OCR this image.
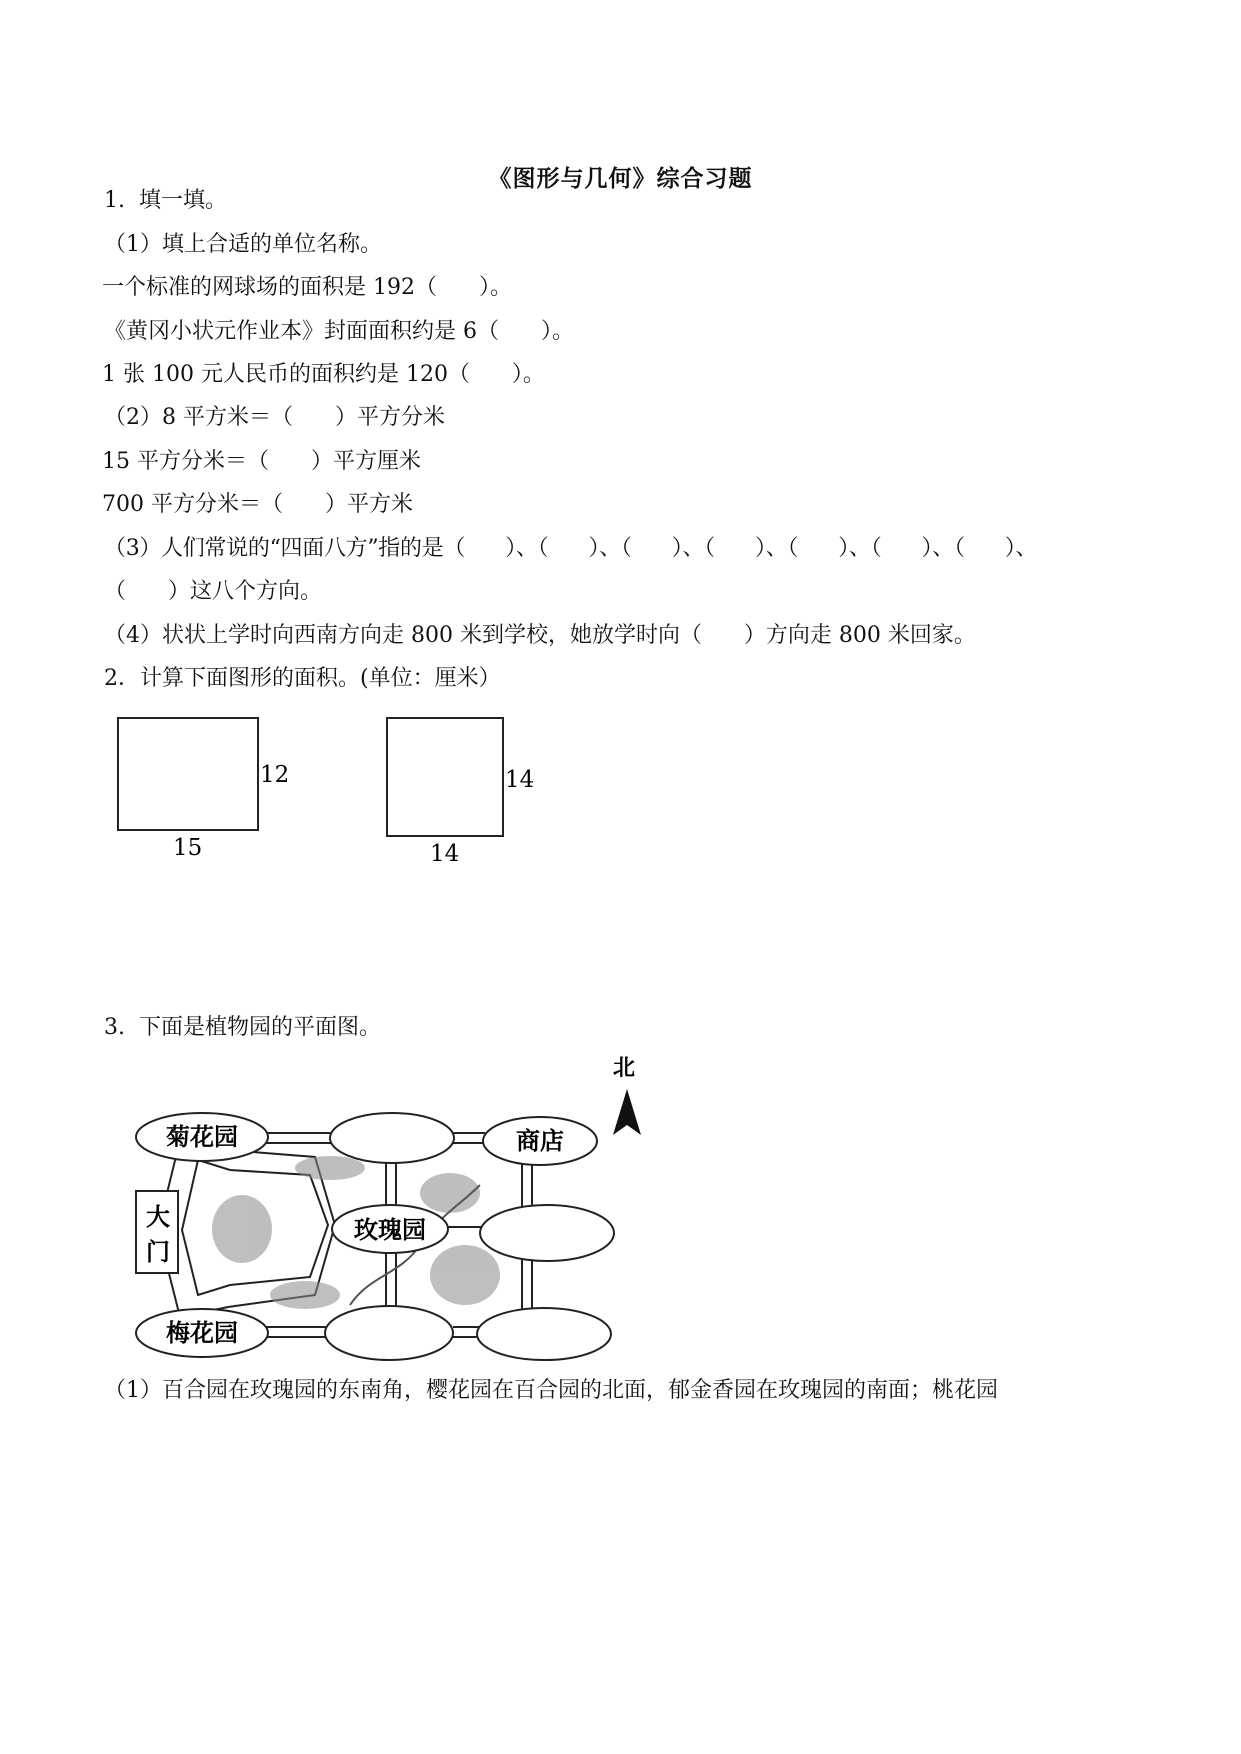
《图形与几何》综合习题
1.  填一填。
（1）填上合适的单位名称。
一个标准的网球场的面积是 192（      ）。
《黄冈小状元作业本》封面面积约是 6（      ）。
1 张 100 元人民币的面积约是 120（      ）。
（2）8 平方米＝（      ）平方分米
15 平方分米＝（      ）平方厘米
700 平方分米＝（      ）平方米
（3）人们常说的“四面八方”指的是（      ）、（      ）、（      ）、（      ）、（      ）、（      ）、（      ）、
（      ）这八个方向。
（4）状状上学时向西南方向走 800 米到学校，她放学时向（      ）方向走 800 米回家。
2．计算下面图形的面积。(单位：厘米）
12
15
14
14
3.  下面是植物园的平面图。
北
大
门
菊花园	商店
玫瑰园
梅花园
（1）百合园在玫瑰园的东南角，樱花园在百合园的北面，郁金香园在玫瑰园的南面；桃花园
